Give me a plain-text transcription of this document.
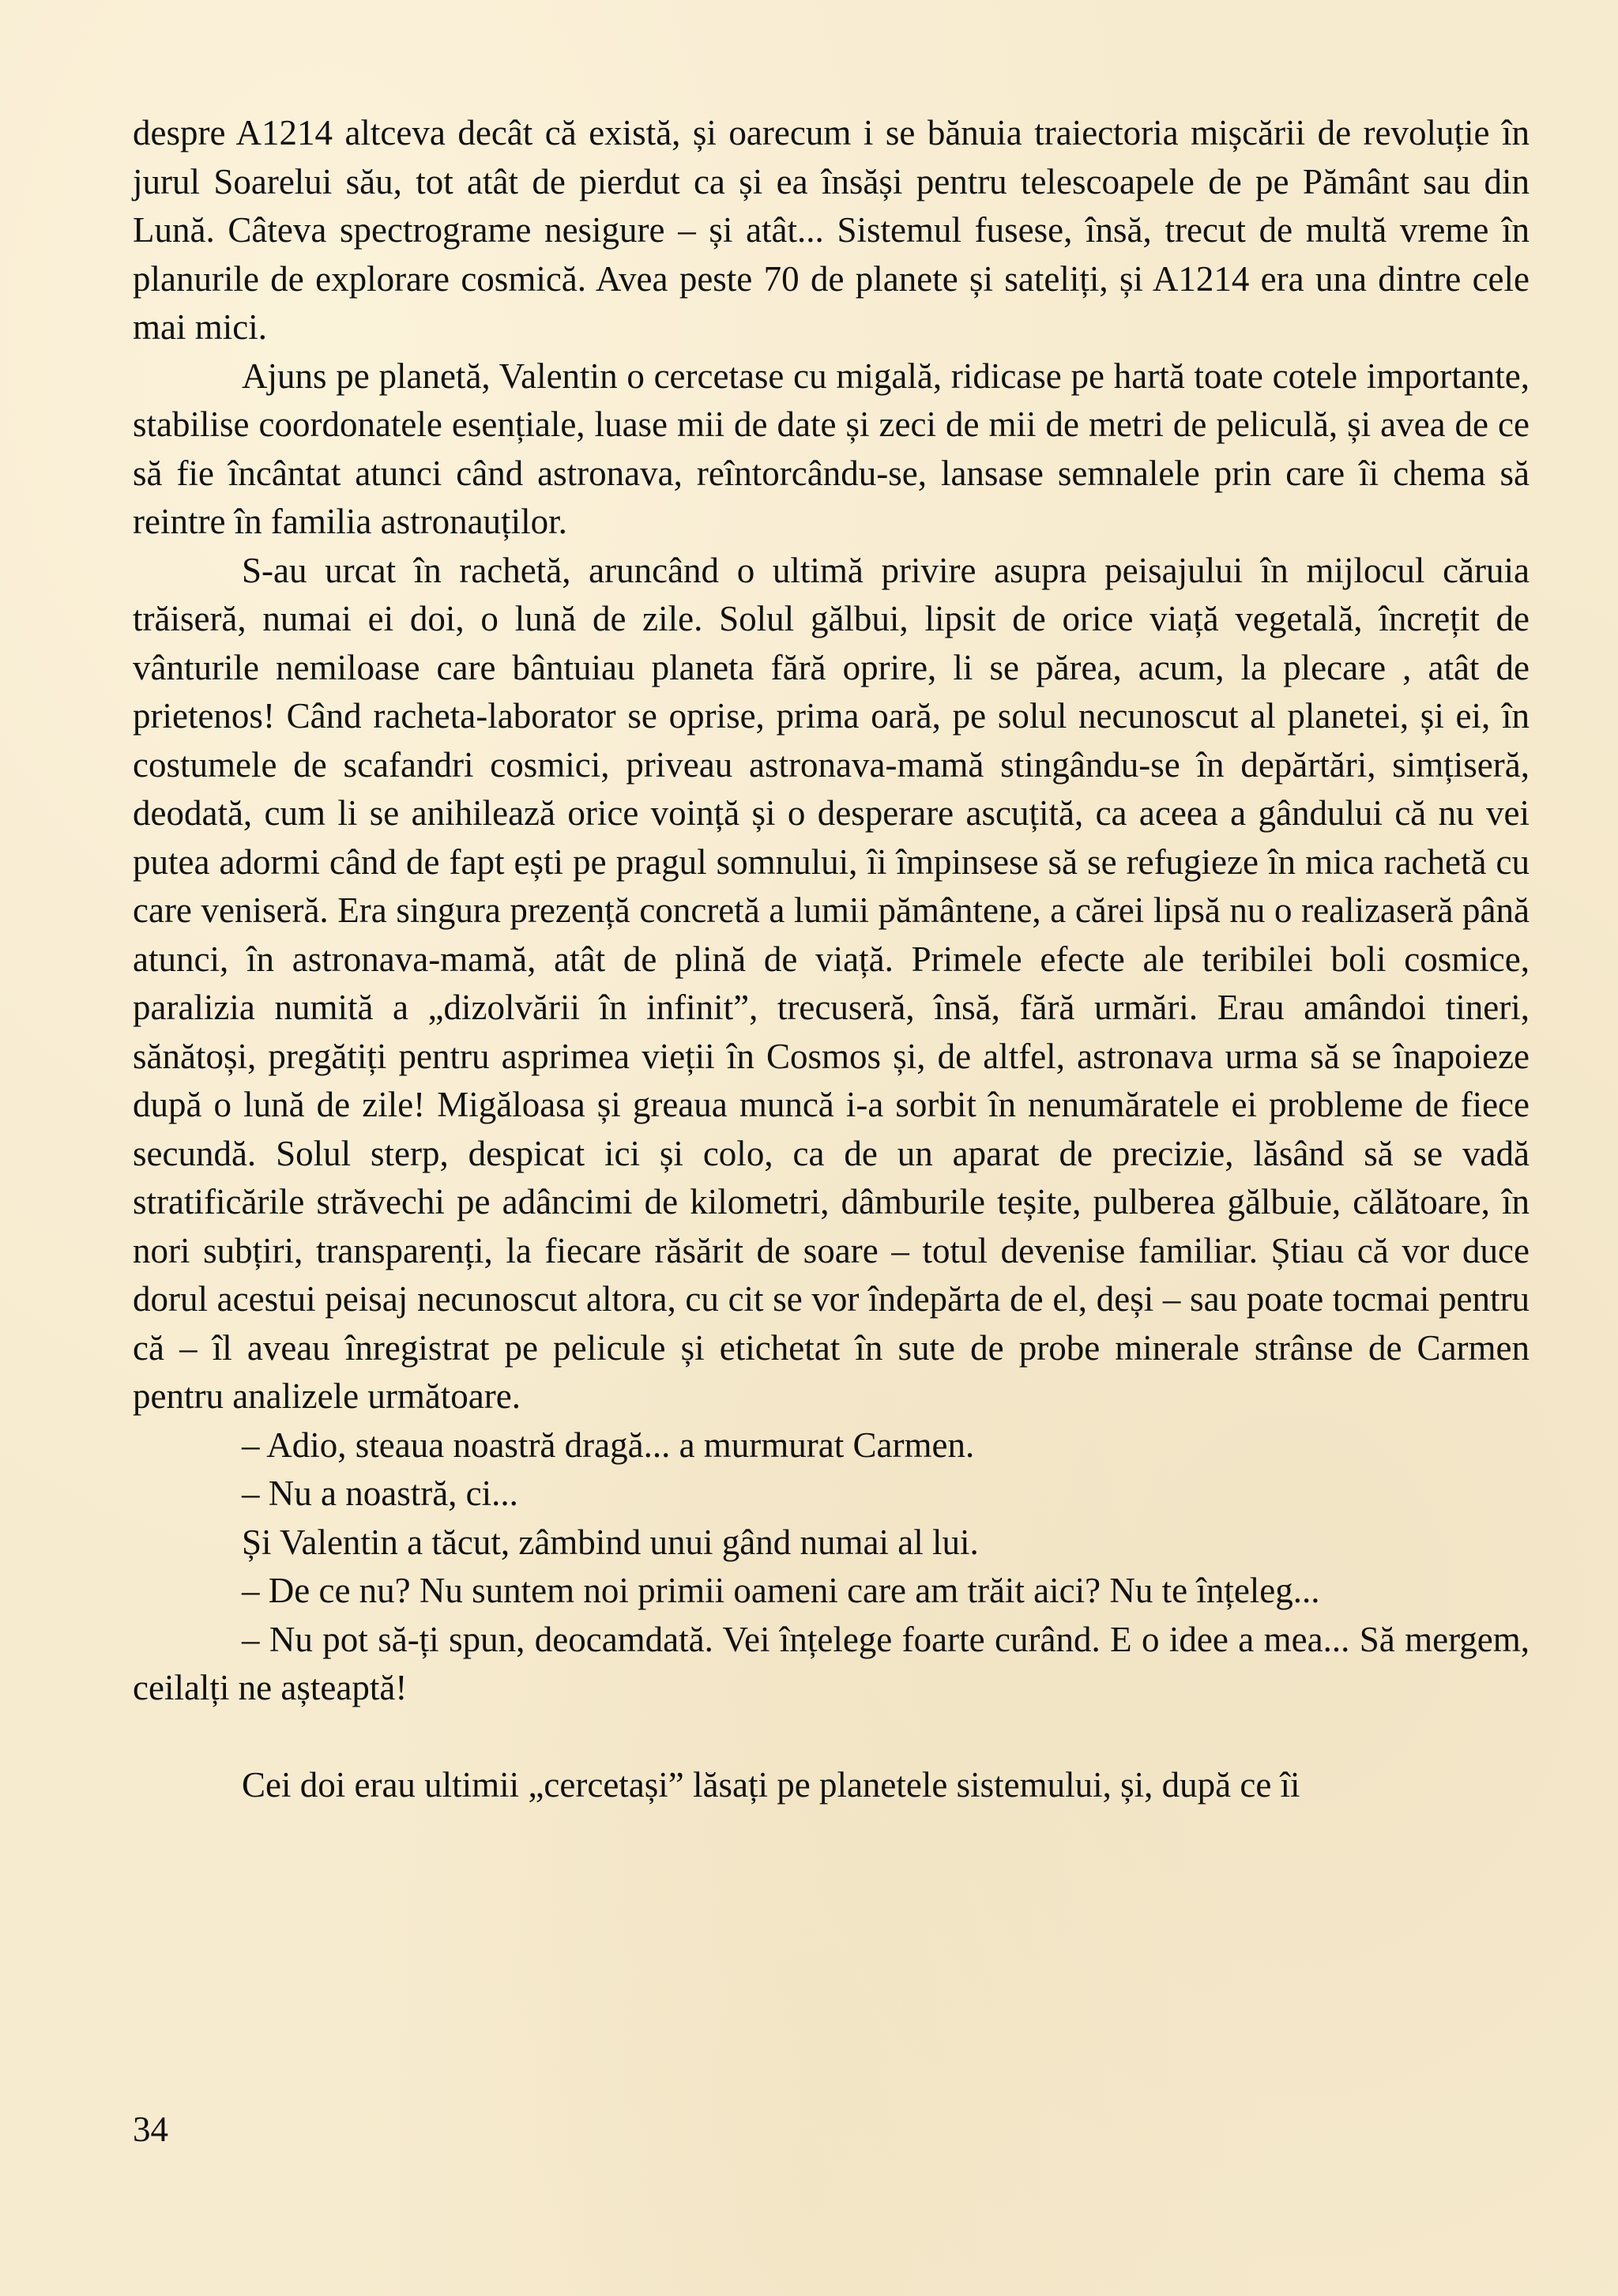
despre A1214 altceva decât că există, și oarecum i se bănuia traiectoria mișcării de revoluție în jurul Soarelui său, tot atât de pierdut ca și ea însăși pentru telescoapele de pe Pământ sau din Lună. Câteva spectrograme nesigure – și atât... Sistemul fusese, însă, trecut de multă vreme în planurile de explorare cosmică. Avea peste 70 de planete și sateliți, și A1214 era una dintre cele mai mici.

Ajuns pe planetă, Valentin o cercetase cu migală, ridicase pe hartă toate cotele importante, stabilise coordonatele esențiale, luase mii de date și zeci de mii de metri de peliculă, și avea de ce să fie încântat atunci când astronava, reîntorcându-se, lansase semnalele prin care îi chema să reintre în familia astronauților.

S-au urcat în rachetă, aruncând o ultimă privire asupra peisajului în mijlocul căruia trăiseră, numai ei doi, o lună de zile. Solul gălbui, lipsit de orice viață vegetală, încrețit de vânturile nemiloase care bântuiau planeta fără oprire, li se părea, acum, la plecare , atât de prietenos! Când racheta-laborator se oprise, prima oară, pe solul necunoscut al planetei, și ei, în costumele de scafandri cosmici, priveau astronava-mamă stingându-se în depărtări, simțiseră, deodată, cum li se anihilează orice voință și o desperare ascuțită, ca aceea a gândului că nu vei putea adormi când de fapt ești pe pragul somnului, îi împinsese să se refugieze în mica rachetă cu care veniseră. Era singura prezență concretă a lumii pământene, a cărei lipsă nu o realizaseră până atunci, în astronava-mamă, atât de plină de viață. Primele efecte ale teribilei boli cosmice, paralizia numită a „dizolvării în infinit”, trecuseră, însă, fără urmări. Erau amândoi tineri, sănătoși, pregătiți pentru asprimea vieții în Cosmos și, de altfel, astronava urma să se înapoieze după o lună de zile! Migăloasa și greaua muncă i-a sorbit în nenumăratele ei probleme de fiece secundă. Solul sterp, despicat ici și colo, ca de un aparat de precizie, lăsând să se vadă stratificările străvechi pe adâncimi de kilometri, dâmburile teșite, pulberea gălbuie, călătoare, în nori subțiri, transparenți, la fiecare răsărit de soare – totul devenise familiar. Știau că vor duce dorul acestui peisaj necunoscut altora, cu cit se vor îndepărta de el, deși – sau poate tocmai pentru că – îl aveau înregistrat pe pelicule și etichetat în sute de probe minerale strânse de Carmen pentru analizele următoare.

– Adio, steaua noastră dragă... a murmurat Carmen.

– Nu a noastră, ci...

Și Valentin a tăcut, zâmbind unui gând numai al lui.

– De ce nu? Nu suntem noi primii oameni care am trăit aici? Nu te înțeleg...

– Nu pot să-ți spun, deocamdată. Vei înțelege foarte curând. E o idee a mea... Să mergem, ceilalți ne așteaptă!

Cei doi erau ultimii „cercetași” lăsați pe planetele sistemului, și, după ce îi

34
